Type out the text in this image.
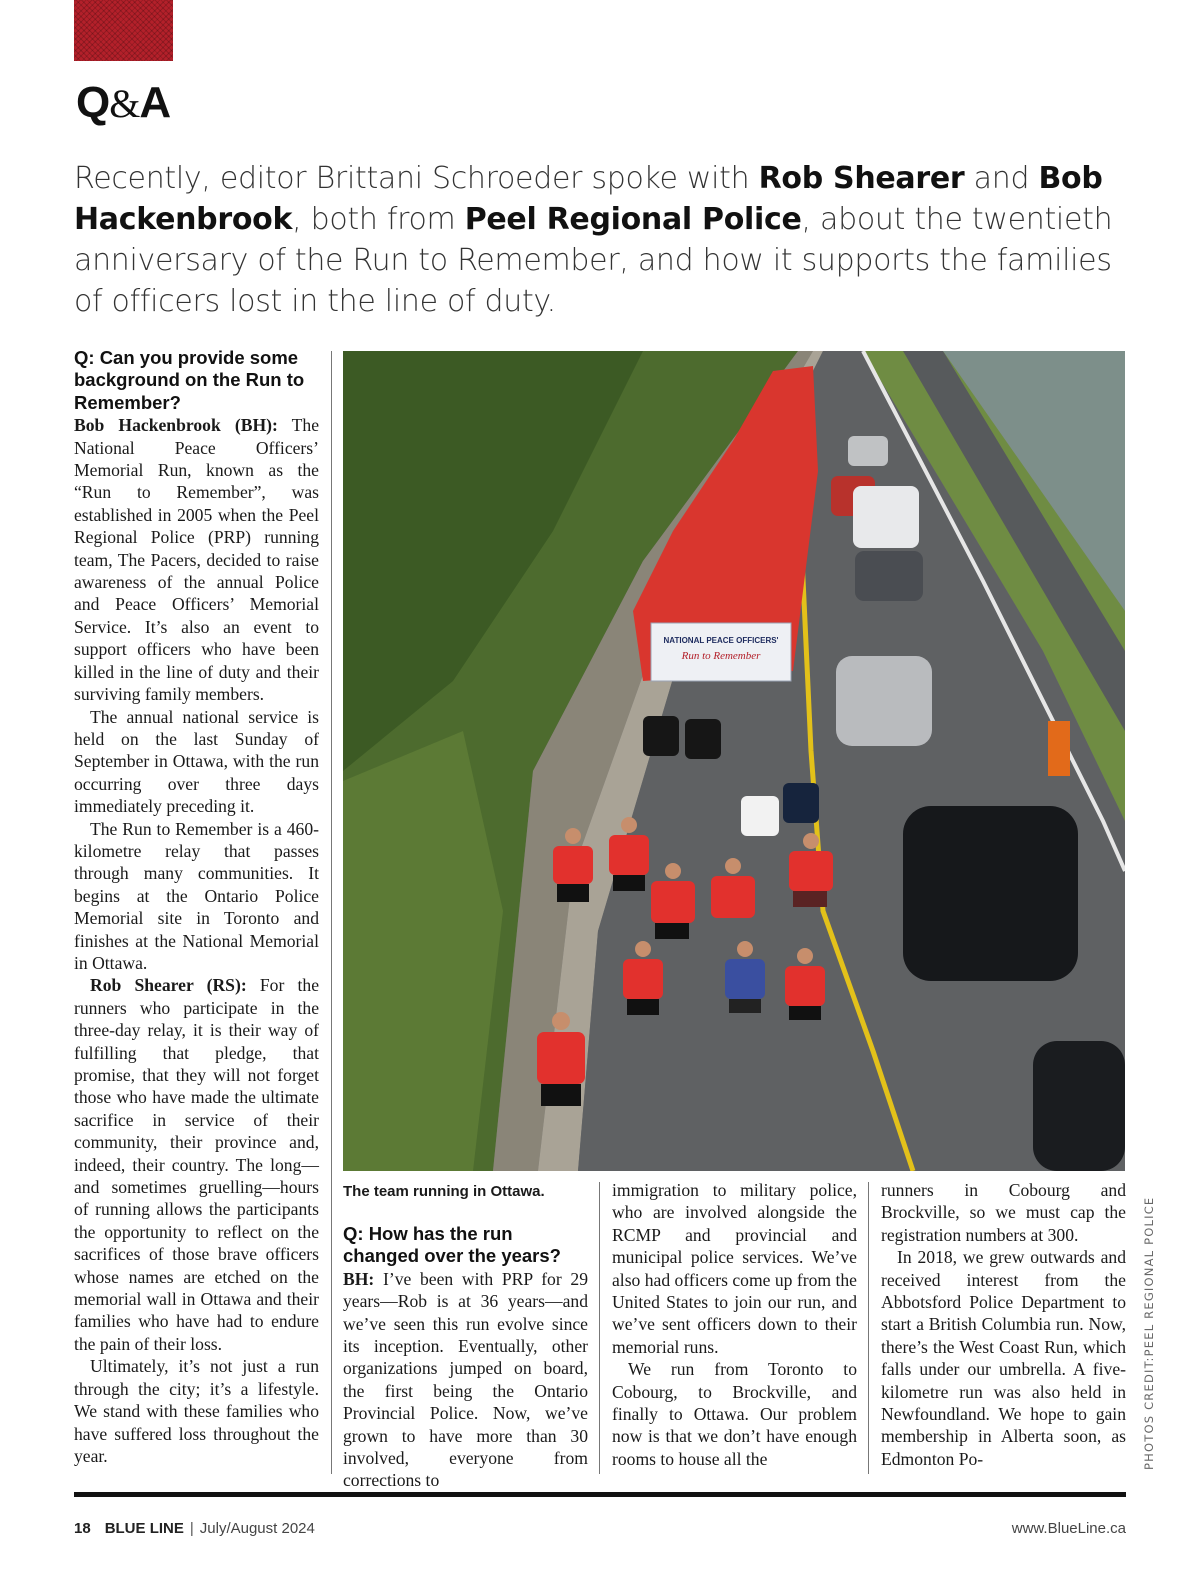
Q&A
Recently, editor Brittani Schroeder spoke with Rob Shearer and Bob Hackenbrook, both from Peel Regional Police, about the twentieth anniversary of the Run to Remember, and how it supports the families of officers lost in the line of duty.
Q: Can you provide some background on the Run to Remember?

Bob Hackenbrook (BH): The National Peace Officers’ Memorial Run, known as the “Run to Remember”, was established in 2005 when the Peel Regional Police (PRP) running team, The Pacers, decided to raise awareness of the annual Police and Peace Officers’ Memorial Service. It’s also an event to support officers who have been killed in the line of duty and their surviving family members.

The annual national service is held on the last Sunday of September in Ottawa, with the run occurring over three days immediately preceding it.

The Run to Remember is a 460-kilometre relay that passes through many communities. It begins at the Ontario Police Memorial site in Toronto and finishes at the National Memorial in Ottawa.

Rob Shearer (RS): For the runners who participate in the three-day relay, it is their way of fulfilling that pledge, that promise, that they will not forget those who have made the ultimate sacrifice in service of their community, their province and, indeed, their country. The long—and sometimes gruelling—hours of running allows the participants the opportunity to reflect on the sacrifices of those brave officers whose names are etched on the memorial wall in Ottawa and their families who have had to endure the pain of their loss.

Ultimately, it’s not just a run through the city; it’s a lifestyle. We stand with these families who have suffered loss throughout the year.

NATIONAL PEACE OFFICERS'
Run to Remember
The team running in Ottawa.
PHOTOS CREDIT:PEEL REGIONAL POLICE
Q: How has the run changed over the years?

BH: I’ve been with PRP for 29 years—Rob is at 36 years—and we’ve seen this run evolve since its inception. Eventually, other organizations jumped on board, the first being the Ontario Provincial Police. Now, we’ve grown to have more than 30 involved, everyone from corrections to

immigration to military police, who are involved alongside the RCMP and provincial and municipal police services. We’ve also had officers come up from the United States to join our run, and we’ve sent officers down to their memorial runs.

We run from Toronto to Cobourg, to Brockville, and finally to Ottawa. Our problem now is that we don’t have enough rooms to house all the

runners in Cobourg and Brockville, so we must cap the registration numbers at 300.

In 2018, we grew outwards and received interest from the Abbotsford Police Department to start a British Columbia run. Now, there’s the West Coast Run, which falls under our umbrella. A five-kilometre run was also held in Newfoundland. We hope to gain membership in Alberta soon, as Edmonton Po-

18 BLUE LINE | July/August 2024	www.BlueLine.ca
